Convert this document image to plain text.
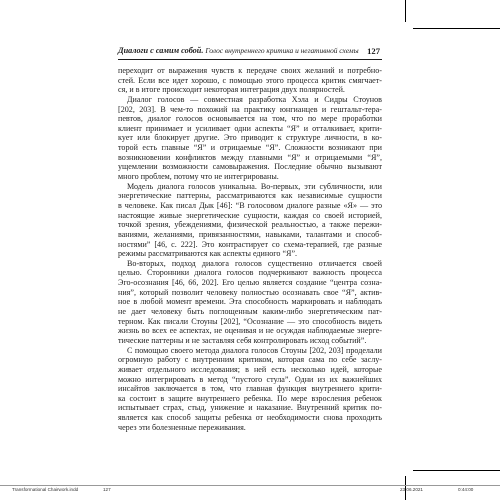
Диалоги с самим собой. Голос внутреннего критика и негативной схемы 127
переходит от выражения чувств к передаче своих желаний и потребно-
стей. Если все идет хорошо, с помощью этого процесса критик смягчает-
ся, и в итоге происходит некоторая интеграция двух полярностей.
Диалог голосов — совместная разработка Хэла и Сидры Стоунов
[202, 203]. В чем-то похожий на практику юнгианцев и гештальт-тера-
певтов, диалог голосов основывается на том, что по мере проработки
клиент принимает и усиливает одни аспекты “Я” и отталкивает, крити-
кует или блокирует другие. Это приводит к структуре личности, в ко-
торой есть главные “Я” и отрицаемые “Я”. Сложности возникают при
возникновении конфликтов между главными “Я” и отрицаемыми “Я”,
ущемлении возможности самовыражения. Последние обычно вызывают
много проблем, потому что не интегрированы.
Модель диалога голосов уникальна. Во-первых, эти субличности, или
энергетические паттерны, рассматриваются как независимые сущности
в человеке. Как писал Дык [46]: “В голосовом диалоге разные «Я» — это
настоящие живые энергетические сущности, каждая со своей историей,
точкой зрения, убеждениями, физической реальностью, а также пережи-
ваниями, желаниями, привязанностями, навыками, талантами и способ-
ностями” [46, с. 222]. Это контрастирует со схема-терапией, где разные
режимы рассматриваются как аспекты единого “Я”.
Во-вторых, подход диалога голосов существенно отличается своей
целью. Сторонники диалога голосов подчеркивают важность процесса
Эго-осознания [46, 66, 202]. Его целью является создание “центра созна-
ния”, который позволит человеку полностью осознавать свое “Я”, актив-
ное в любой момент времени. Эта способность маркировать и наблюдать
не дает человеку быть поглощенным каким-либо энергетическим пат-
терном. Как писали Стоуны [202], “Осознание — это способность видеть
жизнь во всех ее аспектах, не оценивая и не осуждая наблюдаемые энерге-
тические паттерны и не заставляя себя контролировать исход событий”.
С помощью своего метода диалога голосов Стоуны [202, 203] проделали
огромную работу с внутренним критиком, которая сама по себе заслу-
живает отдельного исследования; в ней есть несколько идей, которые
можно интегрировать в метод “пустого стула”. Одни из их важнейших
инсайтов заключается в том, что главная функция внутреннего крити-
ка состоит в защите внутреннего ребенка. По мере взросления ребенок
испытывает страх, стыд, унижение и наказание. Внутренний критик по-
является как способ защиты ребенка от необходимости снова проходить
через эти болезненные переживания.
Transformational Chairwork.indd	127	23.06.2021	0:44:00
